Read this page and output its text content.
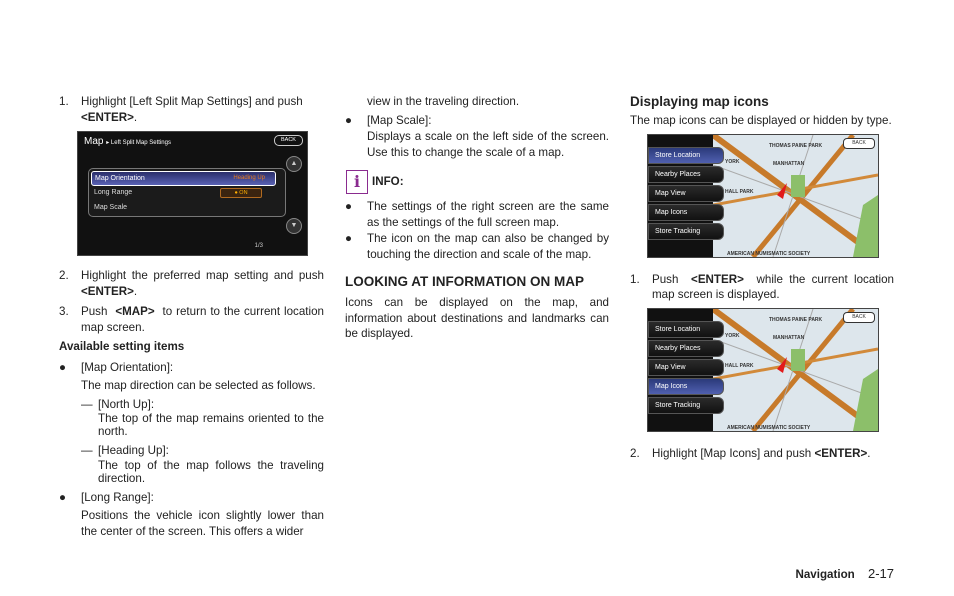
1.	Highlight [Left Split Map Settings] and push
<ENTER>.
Map ▸ Left Split Map Settings	BACK
Map Orientation	Heading Up
Long Range	● ON
Map Scale
▲
▼
1/3
2.	Highlight the preferred map setting and push <ENTER>.
3.	Push <MAP> to return to the current location map screen.

Available setting items

●	[Map Orientation]:

The map direction can be selected as follows.

— [North Up]:

The top of the map remains oriented to the north.

— [Heading Up]:

The top of the map follows the traveling direction.

●	[Long Range]:

Positions the vehicle icon slightly lower than the center of the screen. This offers a wider

view in the traveling direction.

●	[Map Scale]:

Displays a scale on the left side of the screen. Use this to change the scale of a map.

i	INFO:
●	The settings of the right screen are the same as the settings of the full screen map.
●	The icon on the map can also be changed by touching the direction and scale of the map.
LOOKING AT INFORMATION ON MAP

Icons can be displayed on the map, and information about destinations and landmarks can be displayed.

Displaying map icons

The map icons can be displayed or hidden by type.

THOMAS PAINE PARK
MANHATTAN
HALL PARK
YORK
AMERICAN NUMISMATIC SOCIETY
BACK
Store Location
Nearby Places
Map View
Map Icons
Store Tracking
1.	Push <ENTER> while the current location map screen is displayed.
THOMAS PAINE PARK
MANHATTAN
HALL PARK
YORK
AMERICAN NUMISMATIC SOCIETY
BACK
Store Location
Nearby Places
Map View
Map Icons
Store Tracking
2.	Highlight [Map Icons] and push <ENTER>.
Navigation 2-17
